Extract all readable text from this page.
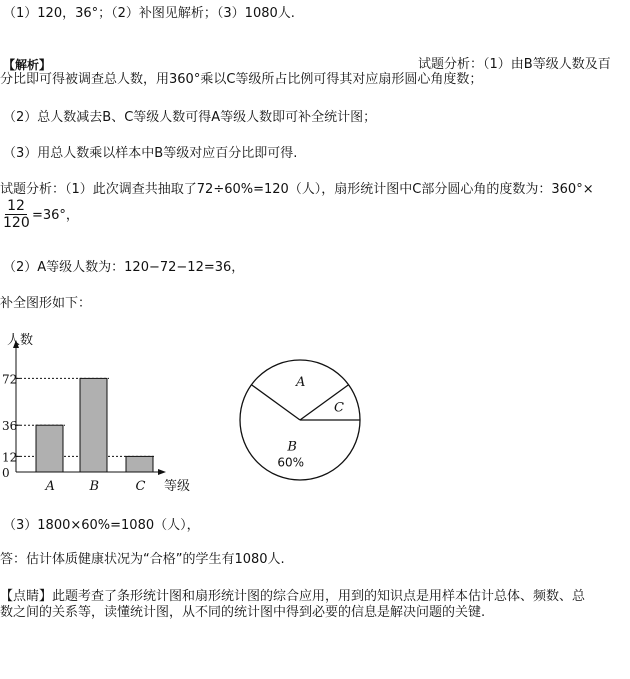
（1）120，36°；（2）补图见解析；（3）1080人.
【解析】	试题分析：（1）由B等级人数及百
分比即可得被调查总人数，用360°乘以C等级所占比例可得其对应扇形圆心角度数；
（2）总人数减去B、C等级人数可得A等级人数即可补全统计图；
（3）用总人数乘以样本中B等级对应百分比即可得.
试题分析：（1）此次调查共抽取了72÷60%=120（人），扇形统计图中C部分圆心角的度数为：360°×
12
120 =36°，
（2）A等级人数为：120−72−12=36，
补全图形如下：
人数
等级
72
36
12
0
A	B	C
A
B
60%
C
（3）1800×60%=1080（人），
答：估计体质健康状况为“合格”的学生有1080人.
【点睛】此题考查了条形统计图和扇形统计图的综合应用，用到的知识点是用样本估计总体、频数、总
数之间的关系等，读懂统计图，从不同的统计图中得到必要的信息是解决问题的关键.
